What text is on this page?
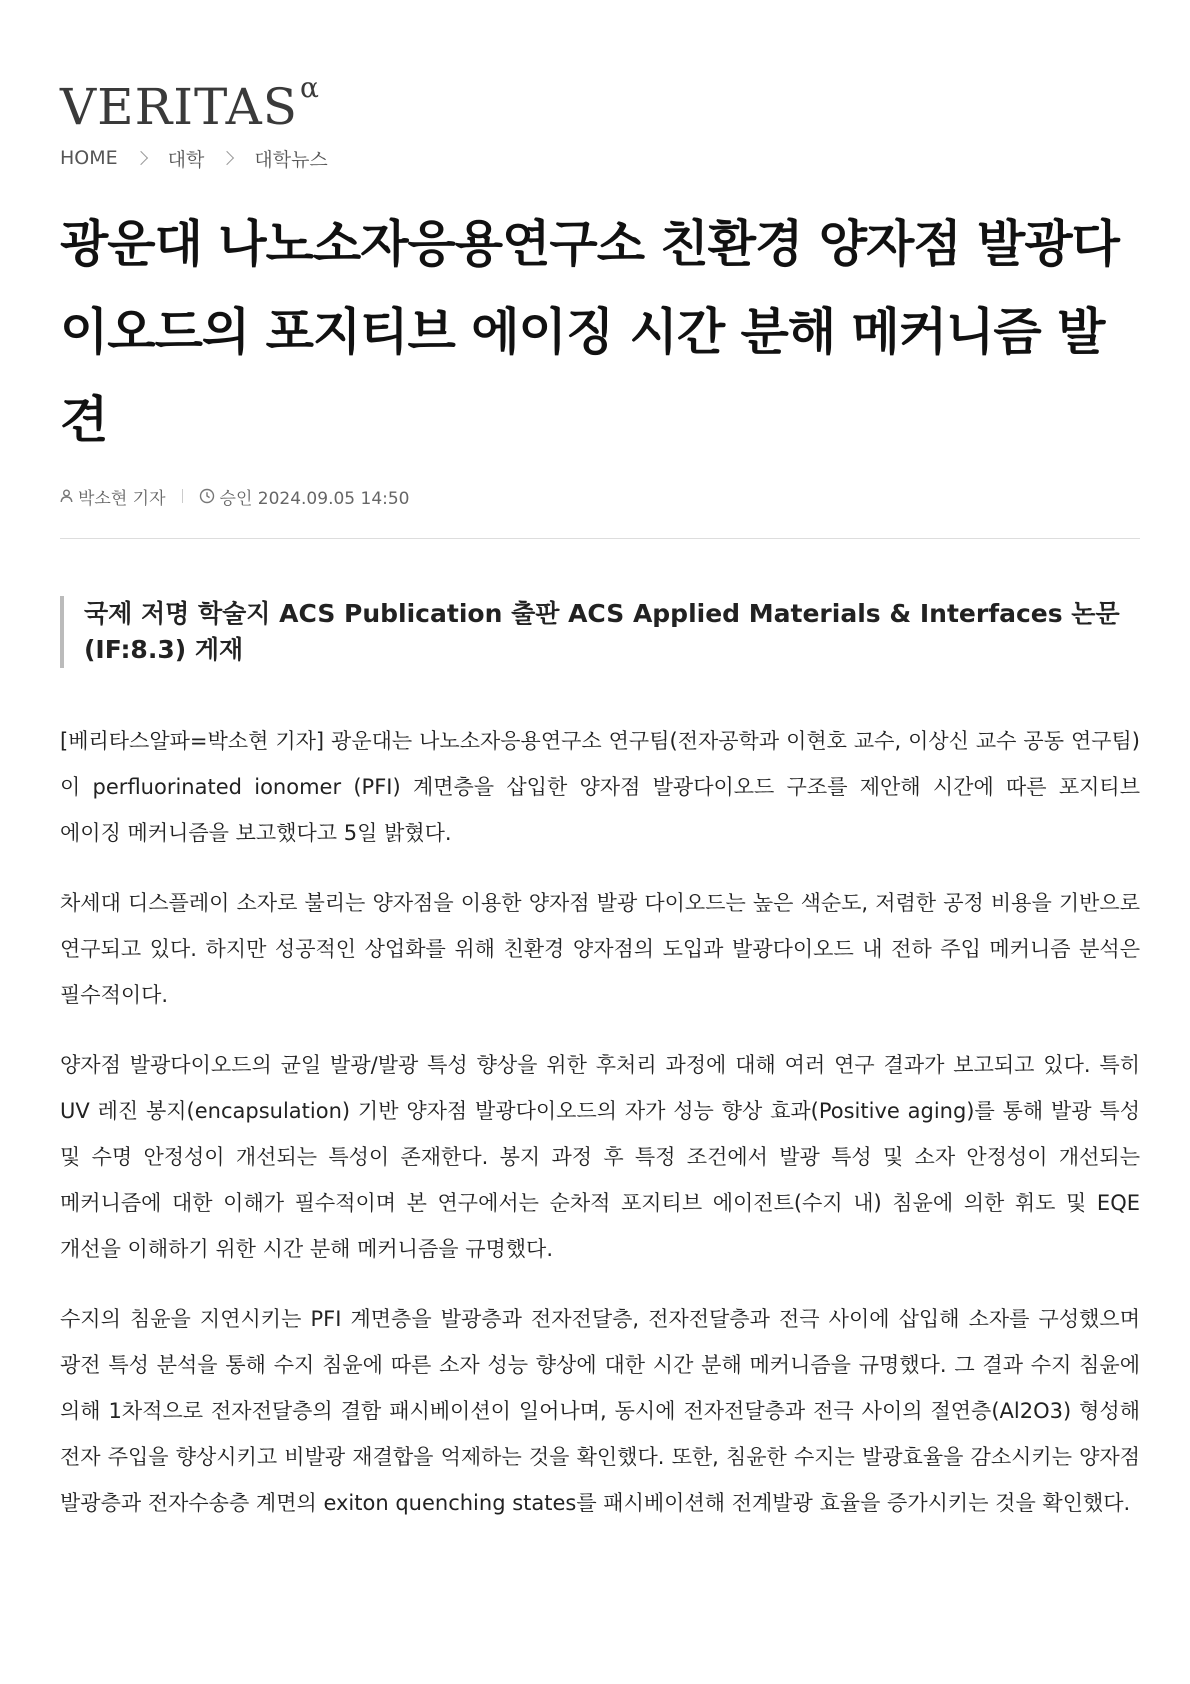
VERITAS α
HOME	대학	대학뉴스
광운대 나노소자응용연구소 친환경 양자점 발광다이오드의 포지티브 에이징 시간 분해 메커니즘 발견
박소현 기자	승인 2024.09.05 14:50
국제 저명 학술지 ACS Publication 출판 ACS Applied Materials & Interfaces 논문 (IF:8.3) 게재

[베리타스알파=박소현 기자] 광운대는 나노소자응용연구소 연구팀(전자공학과 이현호 교수, 이상신 교수 공동 연구팀)이 perfluorinated ionomer (PFI) 계면층을 삽입한 양자점 발광다이오드 구조를 제안해 시간에 따른 포지티브 에이징 메커니즘을 보고했다고 5일 밝혔다.

차세대 디스플레이 소자로 불리는 양자점을 이용한 양자점 발광 다이오드는 높은 색순도, 저렴한 공정 비용을 기반으로 연구되고 있다. 하지만 성공적인 상업화를 위해 친환경 양자점의 도입과 발광다이오드 내 전하 주입 메커니즘 분석은 필수적이다.

양자점 발광다이오드의 균일 발광/발광 특성 향상을 위한 후처리 과정에 대해 여러 연구 결과가 보고되고 있다. 특히 UV 레진 봉지(encapsulation) 기반 양자점 발광다이오드의 자가 성능 향상 효과(Positive aging)를 통해 발광 특성 및 수명 안정성이 개선되는 특성이 존재한다. 봉지 과정 후 특정 조건에서 발광 특성 및 소자 안정성이 개선되는 메커니즘에 대한 이해가 필수적이며 본 연구에서는 순차적 포지티브 에이전트(수지 내) 침윤에 의한 휘도 및 EQE 개선을 이해하기 위한 시간 분해 메커니즘을 규명했다.

수지의 침윤을 지연시키는 PFI 계면층을 발광층과 전자전달층, 전자전달층과 전극 사이에 삽입해 소자를 구성했으며 광전 특성 분석을 통해 수지 침윤에 따른 소자 성능 향상에 대한 시간 분해 메커니즘을 규명했다. 그 결과 수지 침윤에 의해 1차적으로 전자전달층의 결함 패시베이션이 일어나며, 동시에 전자전달층과 전극 사이의 절연층(Al2O3) 형성해 전자 주입을 향상시키고 비발광 재결합을 억제하는 것을 확인했다. 또한, 침윤한 수지는 발광효율을 감소시키는 양자점 발광층과 전자수송층 계면의 exiton quenching states를 패시베이션해 전계발광 효율을 증가시키는 것을 확인했다.
